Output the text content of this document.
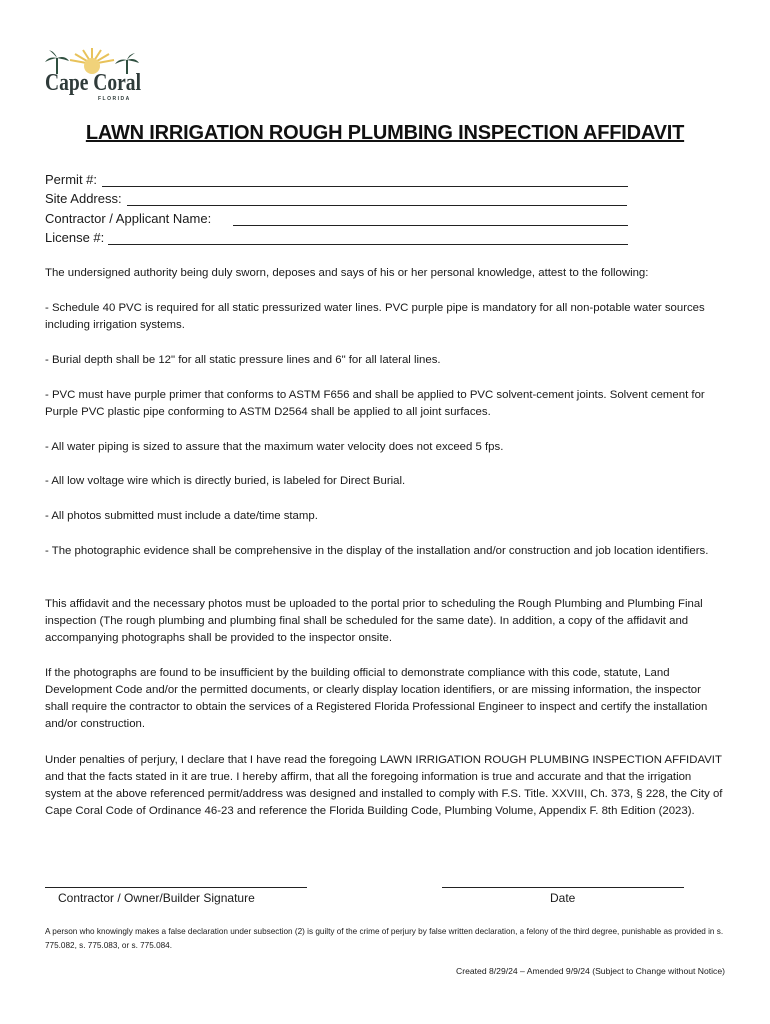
Cape Coral
FLORIDA
LAWN IRRIGATION ROUGH PLUMBING INSPECTION AFFIDAVIT
Permit #:
Site Address:
Contractor / Applicant Name:
License #:
The undersigned authority being duly sworn, deposes and says of his or her personal knowledge, attest to the following:
- Schedule 40 PVC is required for all static pressurized water lines. PVC purple pipe is mandatory for all non-potable water sources including irrigation systems.
- Burial depth shall be 12" for all static pressure lines and 6" for all lateral lines.
- PVC must have purple primer that conforms to ASTM F656 and shall be applied to PVC solvent-cement joints. Solvent cement for Purple PVC plastic pipe conforming to ASTM D2564 shall be applied to all joint surfaces.
- All water piping is sized to assure that the maximum water velocity does not exceed 5 fps.
- All low voltage wire which is directly buried, is labeled for Direct Burial.
- All photos submitted must include a date/time stamp.
- The photographic evidence shall be comprehensive in the display of the installation and/or construction and job location identifiers.
This affidavit and the necessary photos must be uploaded to the portal prior to scheduling the Rough Plumbing and Plumbing Final inspection (The rough plumbing and plumbing final shall be scheduled for the same date). In addition, a copy of the affidavit and accompanying photographs shall be provided to the inspector onsite.
If the photographs are found to be insufficient by the building official to demonstrate compliance with this code, statute, Land Development Code and/or the permitted documents, or clearly display location identifiers, or are missing information, the inspector shall require the contractor to obtain the services of a Registered Florida Professional Engineer to inspect and certify the installation and/or construction.
Under penalties of perjury, I declare that I have read the foregoing LAWN IRRIGATION ROUGH PLUMBING INSPECTION AFFIDAVIT and that the facts stated in it are true. I hereby affirm, that all the foregoing information is true and accurate and that the irrigation system at the above referenced permit/address was designed and installed to comply with F.S. Title. XXVIII, Ch. 373, § 228, the City of Cape Coral Code of Ordinance 46-23 and reference the Florida Building Code, Plumbing Volume, Appendix F. 8th Edition (2023).
Contractor / Owner/Builder Signature	Date
A person who knowingly makes a false declaration under subsection (2) is guilty of the crime of perjury by false written declaration, a felony of the third degree, punishable as provided in s. 775.082, s. 775.083, or s. 775.084.
Created 8/29/24 – Amended 9/9/24 (Subject to Change without Notice)
